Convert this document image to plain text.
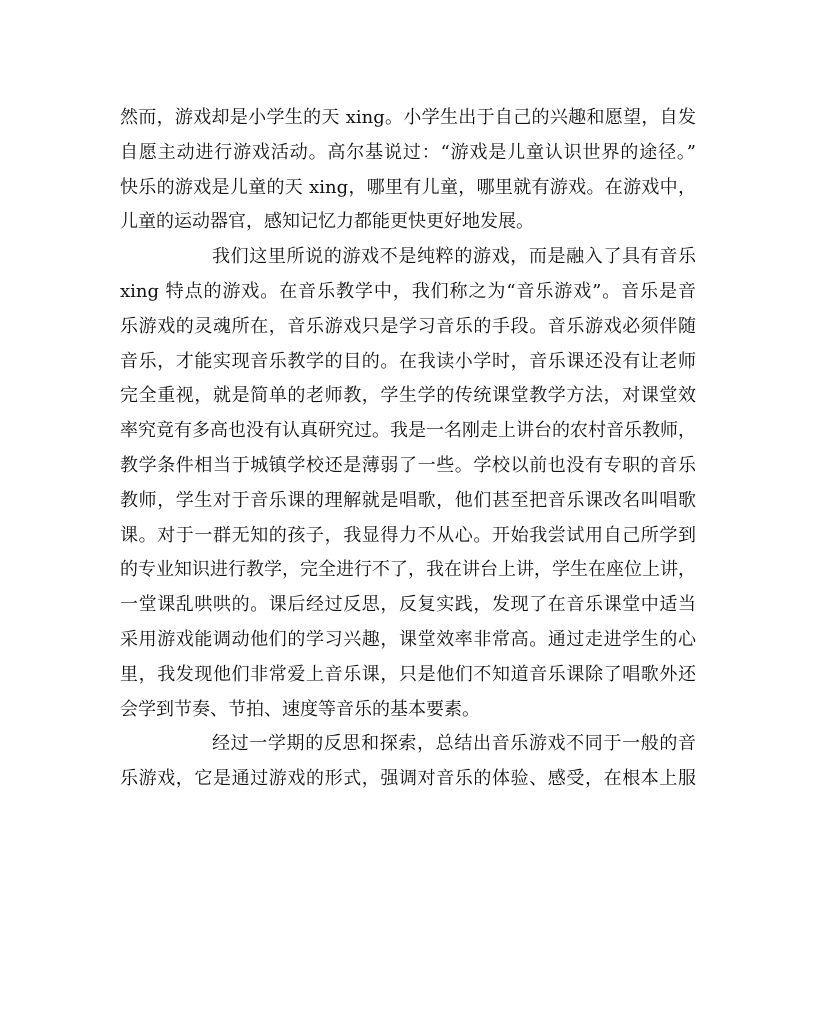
然而，游戏却是小学生的天 xing。小学生出于自己的兴趣和愿望，自发
自愿主动进行游戏活动。高尔基说过：“游戏是儿童认识世界的途径。”
快乐的游戏是儿童的天 xing，哪里有儿童，哪里就有游戏。在游戏中，
儿童的运动器官，感知记忆力都能更快更好地发展。
我们这里所说的游戏不是纯粹的游戏，而是融入了具有音乐
xing 特点的游戏。在音乐教学中，我们称之为“音乐游戏”。音乐是音
乐游戏的灵魂所在，音乐游戏只是学习音乐的手段。音乐游戏必须伴随
音乐，才能实现音乐教学的目的。在我读小学时，音乐课还没有让老师
完全重视，就是简单的老师教，学生学的传统课堂教学方法，对课堂效
率究竟有多高也没有认真研究过。我是一名刚走上讲台的农村音乐教师，
教学条件相当于城镇学校还是薄弱了一些。学校以前也没有专职的音乐
教师，学生对于音乐课的理解就是唱歌，他们甚至把音乐课改名叫唱歌
课。对于一群无知的孩子，我显得力不从心。开始我尝试用自己所学到
的专业知识进行教学，完全进行不了，我在讲台上讲，学生在座位上讲，
一堂课乱哄哄的。课后经过反思，反复实践，发现了在音乐课堂中适当
采用游戏能调动他们的学习兴趣，课堂效率非常高。通过走进学生的心
里，我发现他们非常爱上音乐课，只是他们不知道音乐课除了唱歌外还
会学到节奏、节拍、速度等音乐的基本要素。
经过一学期的反思和探索，总结出音乐游戏不同于一般的音
乐游戏，它是通过游戏的形式，强调对音乐的体验、感受，在根本上服
